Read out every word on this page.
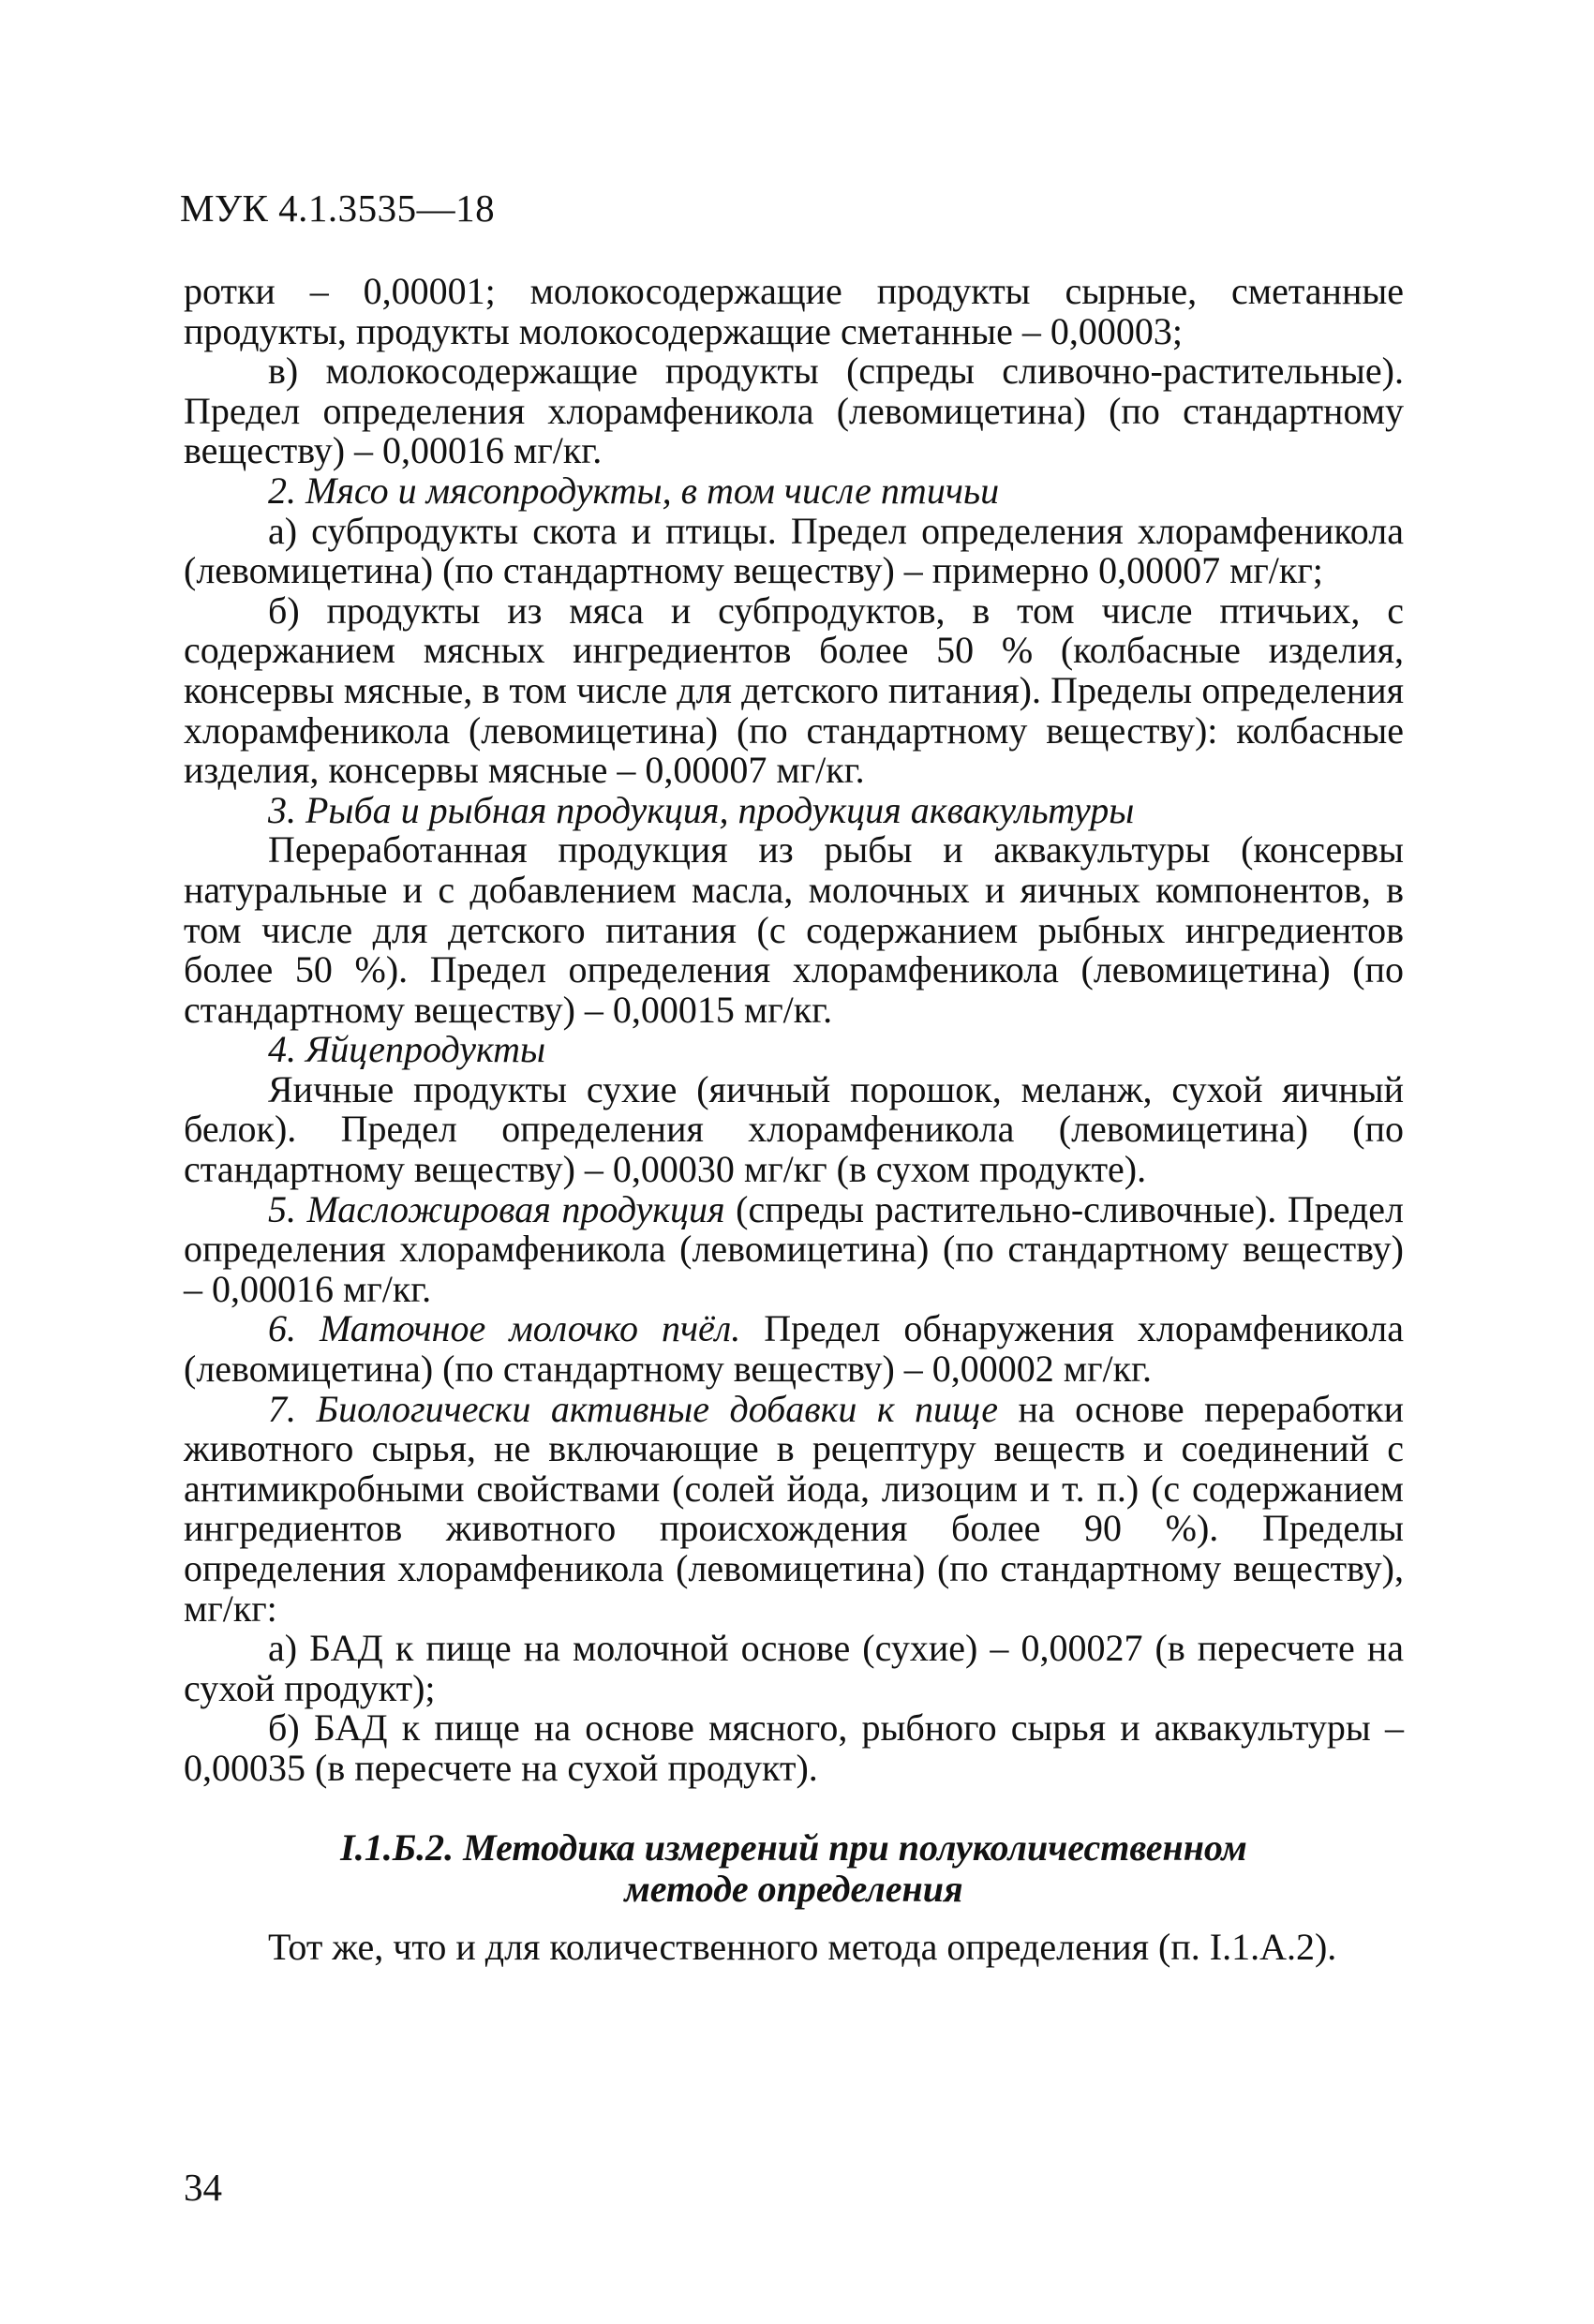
МУК 4.1.3535—18

ротки – 0,00001; молокосодержащие продукты сырные, сметанные продукты, продукты молокосодержащие сметанные – 0,00003;

в) молокосодержащие продукты (спреды сливочно-растительные). Предел определения хлорамфеникола (левомицетина) (по стандартному веществу) – 0,00016 мг/кг.

2. Мясо и мясопродукты, в том числе птичьи

а) субпродукты скота и птицы. Предел определения хлорамфеникола (левомицетина) (по стандартному веществу) – примерно 0,00007 мг/кг;

б) продукты из мяса и субпродуктов, в том числе птичьих, с содержанием мясных ингредиентов более 50 % (колбасные изделия, консервы мясные, в том числе для детского питания). Пределы определения хлорамфеникола (левомицетина) (по стандартному веществу): колбасные изделия, консервы мясные – 0,00007 мг/кг.

3. Рыба и рыбная продукция, продукция аквакультуры

Переработанная продукция из рыбы и аквакультуры (консервы натуральные и с добавлением масла, молочных и яичных компонентов, в том числе для детского питания (с содержанием рыбных ингредиентов более 50 %). Предел определения хлорамфеникола (левомицетина) (по стандартному веществу) – 0,00015 мг/кг.

4. Яйцепродукты

Яичные продукты сухие (яичный порошок, меланж, сухой яичный белок). Предел определения хлорамфеникола (левомицетина) (по стандартному веществу) – 0,00030 мг/кг (в сухом продукте).

5. Масложировая продукция (спреды растительно-сливочные). Предел определения хлорамфеникола (левомицетина) (по стандартному веществу) – 0,00016 мг/кг.

6. Маточное молочко пчёл. Предел обнаружения хлорамфеникола (левомицетина) (по стандартному веществу) – 0,00002 мг/кг.

7. Биологически активные добавки к пище на основе переработки животного сырья, не включающие в рецептуру веществ и соединений с антимикробными свойствами (солей йода, лизоцим и т. п.) (с содержанием ингредиентов животного происхождения более 90 %). Пределы определения хлорамфеникола (левомицетина) (по стандартному веществу), мг/кг:

а) БАД к пище на молочной основе (сухие) – 0,00027 (в пересчете на сухой продукт);

б) БАД к пище на основе мясного, рыбного сырья и аквакультуры – 0,00035 (в пересчете на сухой продукт).

I.1.Б.2. Методика измерений при полуколичественном
методе определения
Тот же, что и для количественного метода определения (п. I.1.А.2).
34
